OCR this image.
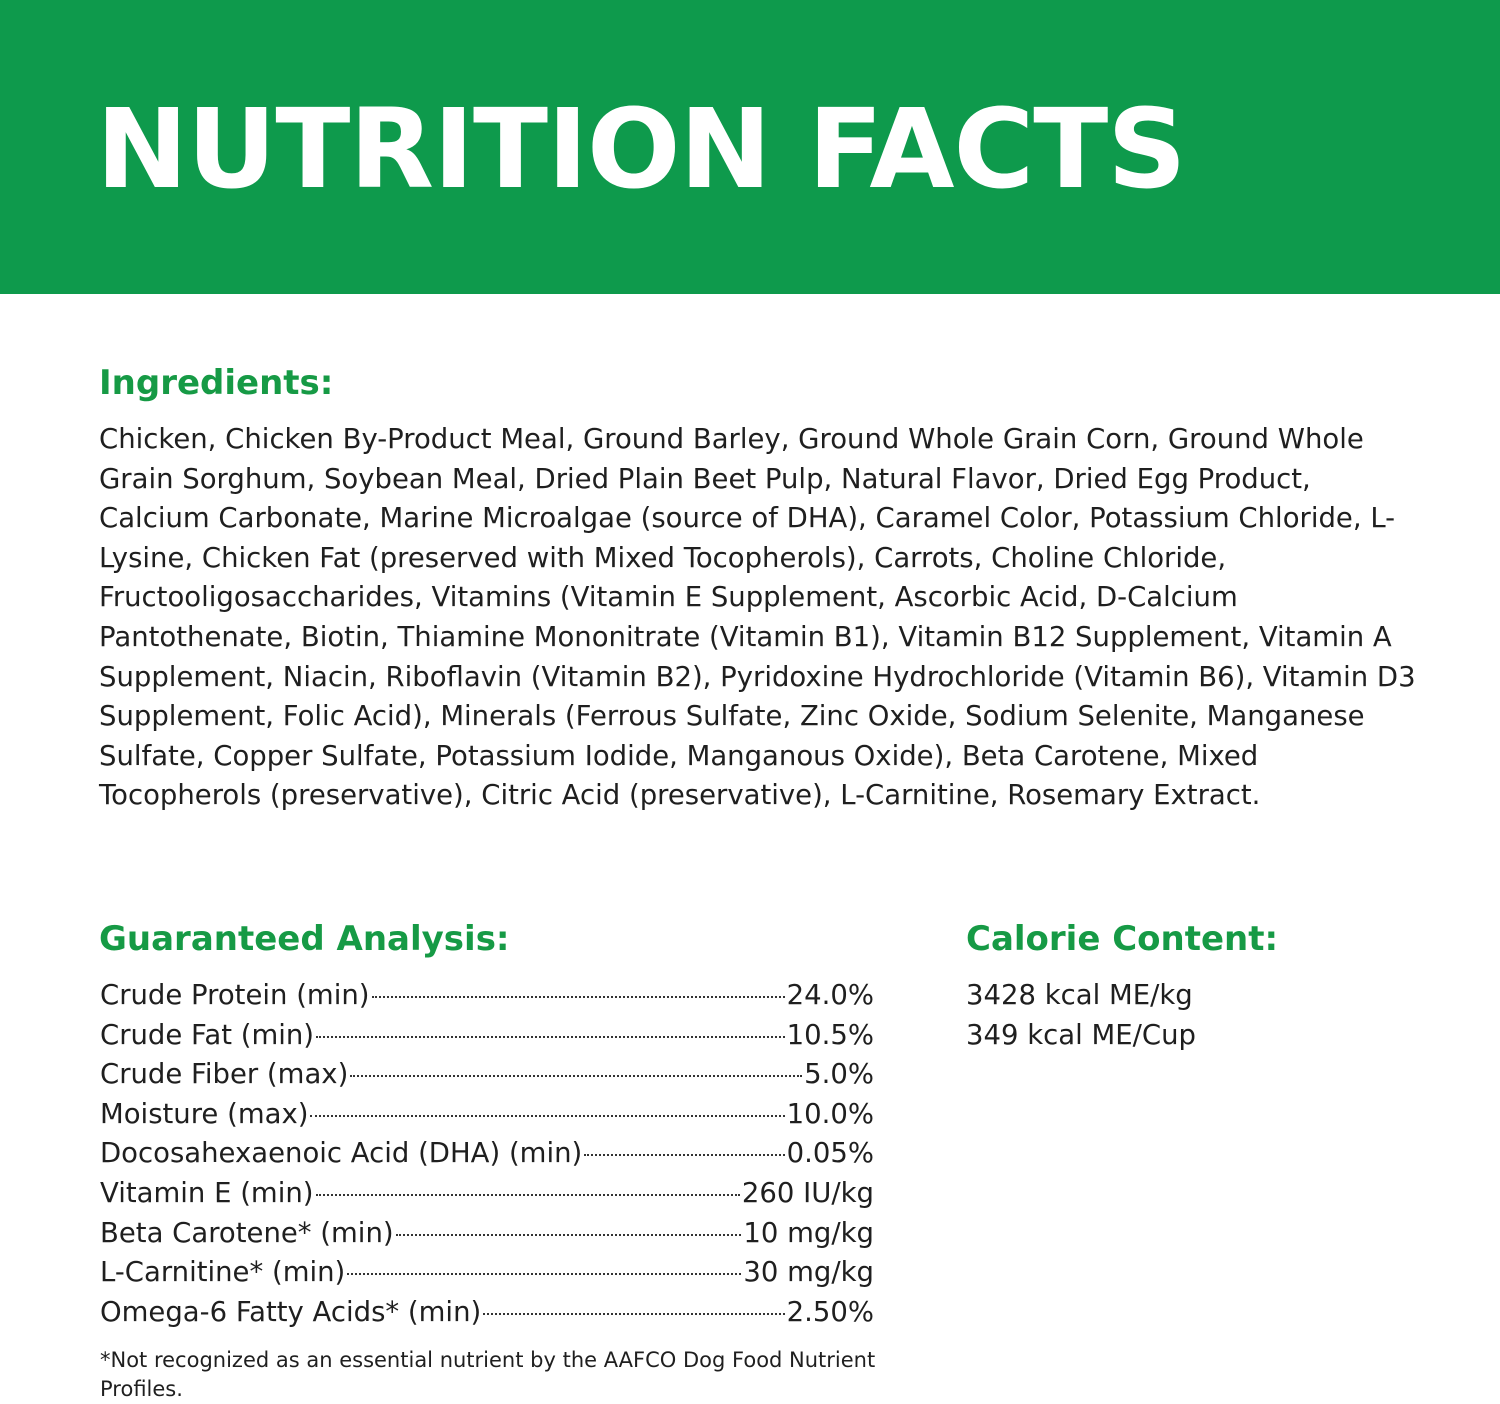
NUTRITION FACTS
Ingredients:

Chicken, Chicken By-Product Meal, Ground Barley, Ground Whole Grain Corn, Ground Whole Grain Sorghum, Soybean Meal, Dried Plain Beet Pulp, Natural Flavor, Dried Egg Product, Calcium Carbonate, Marine Microalgae (source of DHA), Caramel Color, Potassium Chloride, L-Lysine, Chicken Fat (preserved with Mixed Tocopherols), Carrots, Choline Chloride, Fructooligosaccharides, Vitamins (Vitamin E Supplement, Ascorbic Acid, D-Calcium Pantothenate, Biotin, Thiamine Mononitrate (Vitamin B1), Vitamin B12 Supplement, Vitamin A Supplement, Niacin, Riboflavin (Vitamin B2), Pyridoxine Hydrochloride (Vitamin B6), Vitamin D3 Supplement, Folic Acid), Minerals (Ferrous Sulfate, Zinc Oxide, Sodium Selenite, Manganese Sulfate, Copper Sulfate, Potassium Iodide, Manganous Oxide), Beta Carotene, Mixed Tocopherols (preservative), Citric Acid (preservative), L-Carnitine, Rosemary Extract.

Guaranteed Analysis:
Crude Protein (min)	24.0%
Crude Fat (min)	10.5%
Crude Fiber (max)	5.0%
Moisture (max)	10.0%
Docosahexaenoic Acid (DHA) (min)	0.05%
Vitamin E (min)	260 IU/kg
Beta Carotene* (min)	10 mg/kg
L-Carnitine* (min)	30 mg/kg
Omega-6 Fatty Acids* (min)	2.50%

*Not recognized as an essential nutrient by the AAFCO Dog Food Nutrient Profiles.

Calorie Content:
3428 kcal ME/kg
349 kcal ME/Cup
